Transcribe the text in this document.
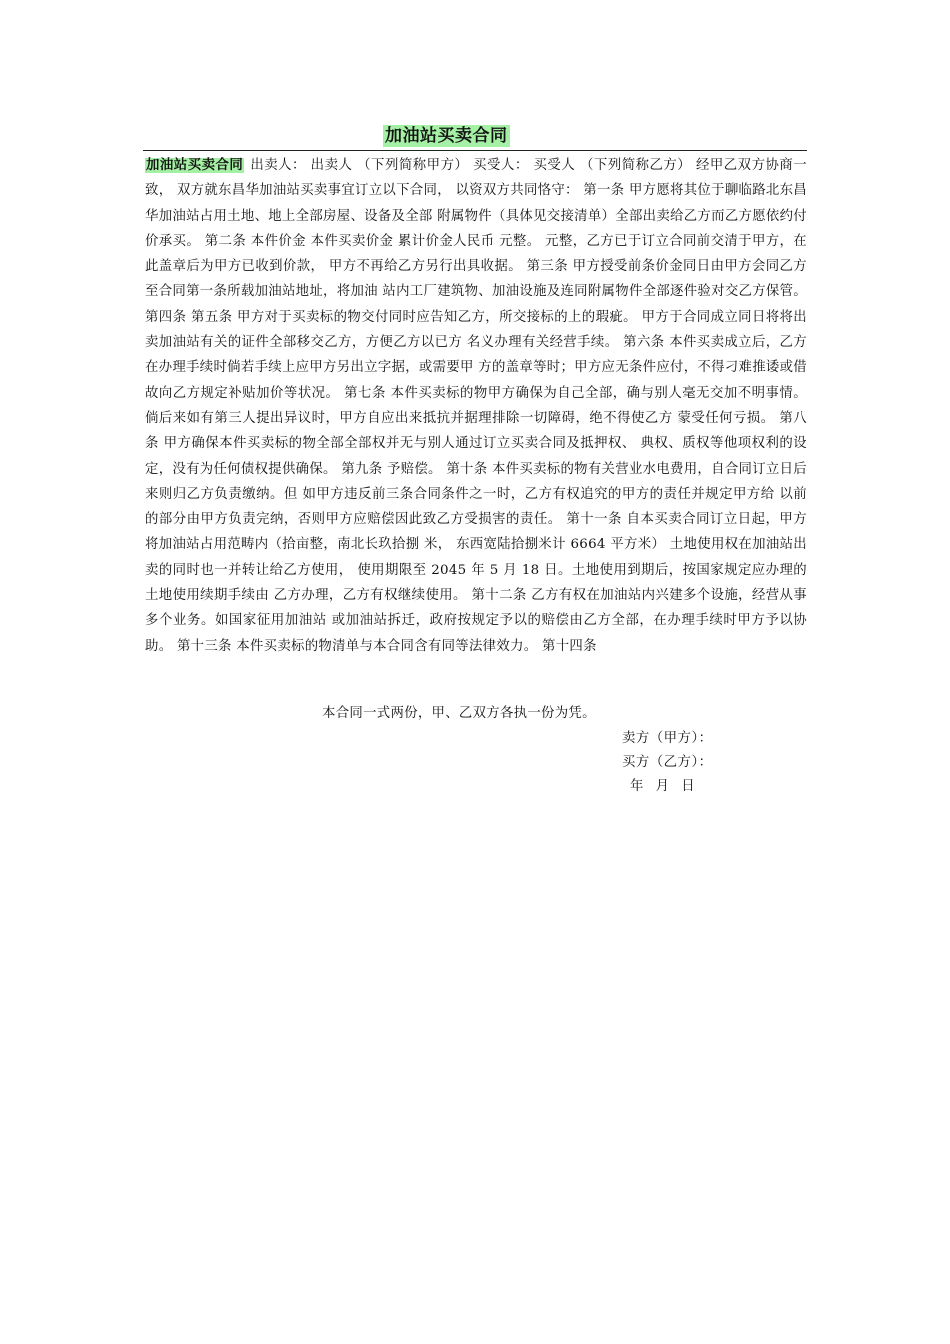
加油站买卖合同
加油站买卖合同 出卖人： 出卖人 （下列简称甲方） 买受人： 买受人 （下列简称乙方） 经甲乙双方协商一致， 双方就东昌华加油站买卖事宜订立以下合同， 以资双方共同恪守： 第一条 甲方愿将其位于聊临路北东昌华加油站占用土地、地上全部房屋、设备及全部 附属物件（具体见交接清单）全部出卖给乙方而乙方愿依约付价承买。 第二条 本件价金 本件买卖价金 累计价金人民币 元整。 元整，乙方已于订立合同前交清于甲方，在此盖章后为甲方已收到价款， 甲方不再给乙方另行出具收据。 第三条 甲方授受前条价金同日由甲方会同乙方至合同第一条所载加油站地址，将加油 站内工厂建筑物、加油设施及连同附属物件全部逐件验对交乙方保管。 第四条 第五条 甲方对于买卖标的物交付同时应告知乙方，所交接标的上的瑕疵。 甲方于合同成立同日将将出卖加油站有关的证件全部移交乙方，方便乙方以已方 名义办理有关经营手续。 第六条 本件买卖成立后，乙方在办理手续时倘若手续上应甲方另出立字据，或需要甲 方的盖章等时；甲方应无条件应付，不得刁难推诿或借故向乙方规定补贴加价等状况。 第七条 本件买卖标的物甲方确保为自己全部，确与别人毫无交加不明事情。 倘后来如有第三人提出异议时，甲方自应出来抵抗并据理排除一切障碍，绝不得使乙方 蒙受任何亏损。 第八条 甲方确保本件买卖标的物全部全部权并无与别人通过订立买卖合同及抵押权、 典权、质权等他项权利的设定，没有为任何债权提供确保。 第九条 予赔偿。 第十条 本件买卖标的物有关营业水电费用，自合同订立日后来则归乙方负责缴纳。但 如甲方违反前三条合同条件之一时，乙方有权追究的甲方的责任并规定甲方给 以前的部分由甲方负责完纳，否则甲方应赔偿因此致乙方受损害的责任。 第十一条 自本买卖合同订立日起，甲方将加油站占用范畴内（拾亩整，南北长玖拾捌 米， 东西宽陆拾捌米计 6664 平方米） 土地使用权在加油站出卖的同时也一并转让给乙方使用， 使用期限至 2045 年 5 月 18 日。土地使用到期后，按国家规定应办理的土地使用续期手续由 乙方办理，乙方有权继续使用。 第十二条 乙方有权在加油站内兴建多个设施，经营从事多个业务。如国家征用加油站 或加油站拆迁，政府按规定予以的赔偿由乙方全部，在办理手续时甲方予以协助。 第十三条 本件买卖标的物清单与本合同含有同等法律效力。 第十四条
本合同一式两份，甲、乙双方各执一份为凭。
卖方（甲方）：
买方（乙方）：
年 月 日
